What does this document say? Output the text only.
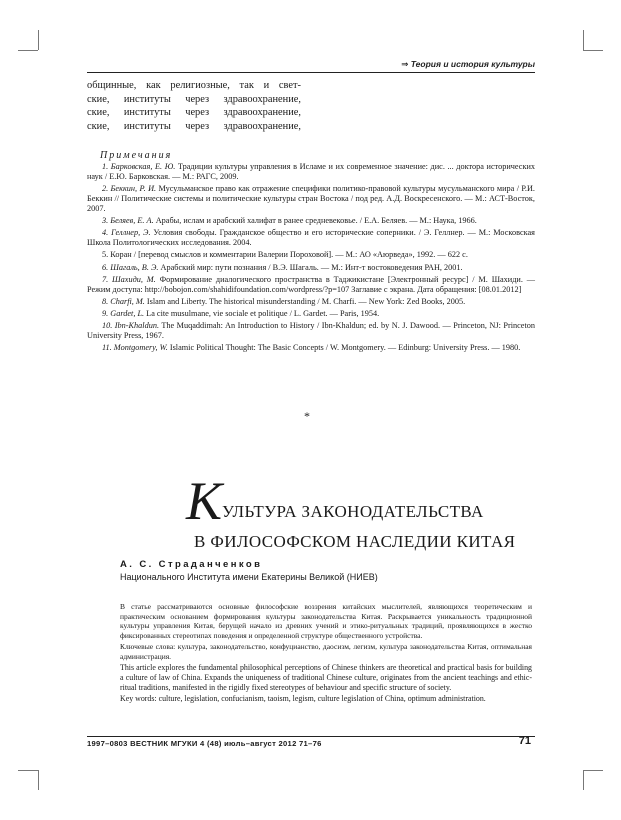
⇒ Теория и история культуры
общинные, как религиозные, так и свет-
ские, институты через здравоохранение,
ские, институты через здравоохранение,
ские, институты через здравоохранение,
Примечания

1. Барковская, Е. Ю. Традиции культуры управления в Исламе и их современное значение: дис. ... доктора исторических наук / Е.Ю. Барковская. — М.: РАГС, 2009.

2. Беккин, Р. И. Мусульманское право как отражение специфики политико-правовой культуры мусульманского мира / Р.И. Беккин // Политические системы и политические культуры стран Востока / под ред. А.Д. Воскресенского. — М.: АСТ-Восток, 2007.

3. Беляев, Е. А. Арабы, ислам и арабский халифат в ранее средневековье. / Е.А. Беляев. — М.: Наука, 1966.

4. Геллнер, Э. Условия свободы. Гражданское общество и его исторические соперники. / Э. Геллнер. — М.: Московская Школа Политологических исследования. 2004.

5. Коран / [перевод смыслов и комментарии Валерии Пороховой]. — М.: АО «Аюрведа», 1992. — 622 с.

6. Шагаль, В. Э. Арабский мир: пути познания / В.Э. Шагаль. — М.: Инт-т востоковедения РАН, 2001.

7. Шахиди, М. Формирование диалогического пространства в Таджикистане [Электронный ресурс] / М. Шахиди. — Режим доступа: http://bobojon.com/shahidifoundation.com/wordpress/?p=107 Заглавие с экрана. Дата обращения: [08.01.2012]

8. Charfi, M. Islam and Liberty. The historical misunderstanding / M. Charfi. — New York: Zed Books, 2005.

9. Gardet, L. La cite musulmane, vie sociale et politique / L. Gardet. — Paris, 1954.

10. Ibn-Khaldun. The Muqaddimah: An Introduction to History / Ibn-Khaldun; ed. by N. J. Dawood. — Princeton, NJ: Princeton University Press, 1967.

11. Montgomery, W. Islamic Political Thought: The Basic Concepts / W. Montgomery. — Edinburg: University Press. — 1980.

*
К УЛЬТУРА ЗАКОНОДАТЕЛЬСТВА
В ФИЛОСОФСКОМ НАСЛЕДИИ КИТАЯ
А. С. Страданченков
Национального Института имени Екатерины Великой (НИЕВ)

В статье рассматриваются основные философские воззрения китайских мыслителей, являющихся теоретическим и практическим основанием формирования культуры законодательства Китая. Раскрывается уникальность традиционной культуры управления Китая, берущей начало из древних учений и этико-ритуальных традиций, проявляющихся в жестко фиксированных стереотипах поведения и определенной структуре общественного устройства.

Ключевые слова: культура, законодательство, конфуцианство, даосизм, легизм, культура законодательства Китая, оптимальная администрация.

This article explores the fundamental philosophical perceptions of Chinese thinkers are theoretical and practical basis for building a culture of law of China. Expands the uniqueness of traditional Chinese culture, originates from the ancient teachings and ethic-ritual traditions, manifested in the rigidly fixed stereotypes of behaviour and specific structure of society.

Key words: culture, legislation, confucianism, taoism, legism, culture legislation of China, optimum administration.

1997–0803 ВЕСТНИК МГУКИ 4 (48) июль–август 2012 71–76	71
